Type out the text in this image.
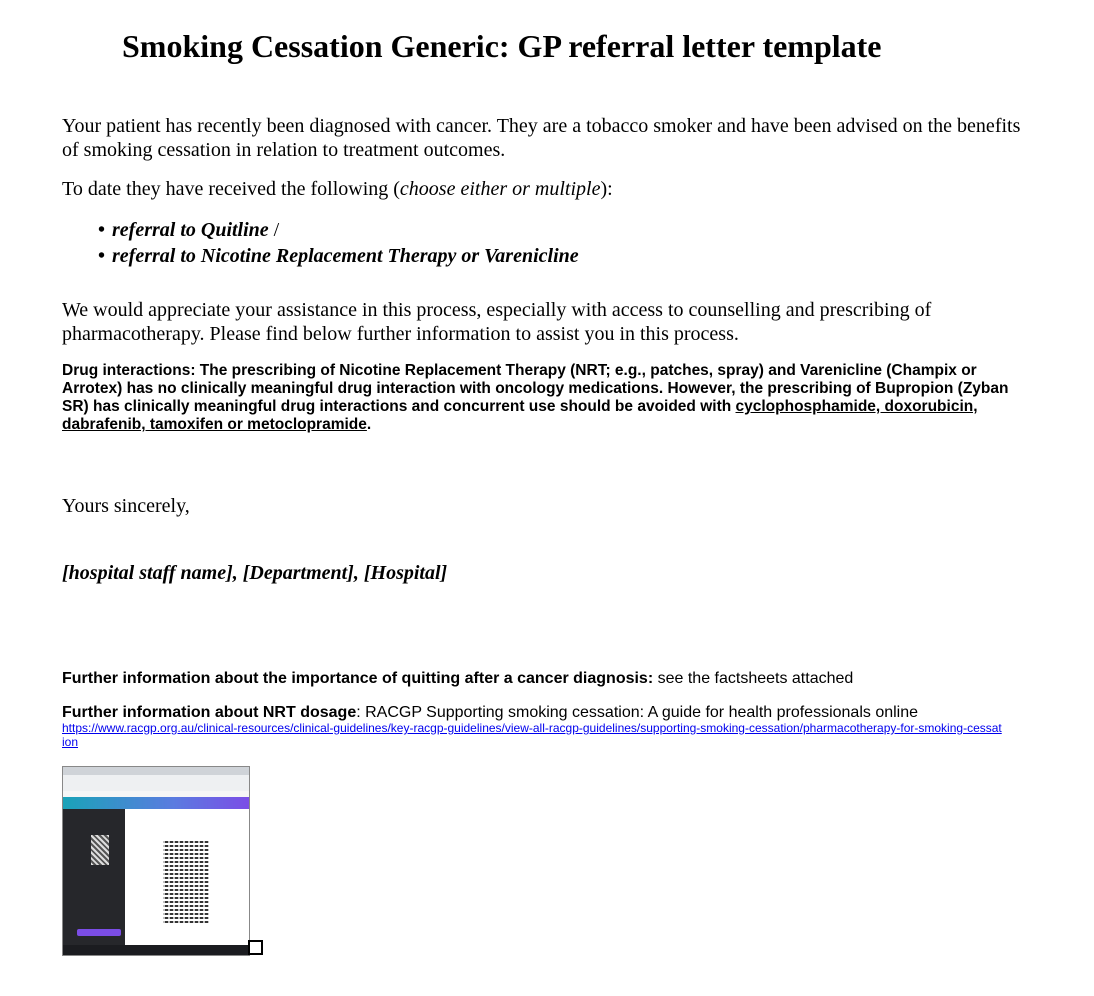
Smoking Cessation Generic: GP referral letter template

Your patient has recently been diagnosed with cancer. They are a tobacco smoker and have been advised on the benefits of smoking cessation in relation to treatment outcomes.

To date they have received the following (choose either or multiple):

• referral to Quitline /
• referral to Nicotine Replacement Therapy or Varenicline

We would appreciate your assistance in this process, especially with access to counselling and prescribing of pharmacotherapy. Please find below further information to assist you in this process.

Drug interactions: The prescribing of Nicotine Replacement Therapy (NRT; e.g., patches, spray) and Varenicline (Champix or Arrotex) has no clinically meaningful drug interaction with oncology medications. However, the prescribing of Bupropion (Zyban SR) has clinically meaningful drug interactions and concurrent use should be avoided with cyclophosphamide, doxorubicin, dabrafenib, tamoxifen or metoclopramide.

Yours sincerely,

[hospital staff name], [Department], [Hospital]

Further information about the importance of quitting after a cancer diagnosis: see the factsheets attached

Further information about NRT dosage: RACGP Supporting smoking cessation: A guide for health professionals online

https://www.racgp.org.au/clinical-resources/clinical-guidelines/key-racgp-guidelines/view-all-racgp-guidelines/supporting-smoking-cessation/pharmacotherapy-for-smoking-cessation
